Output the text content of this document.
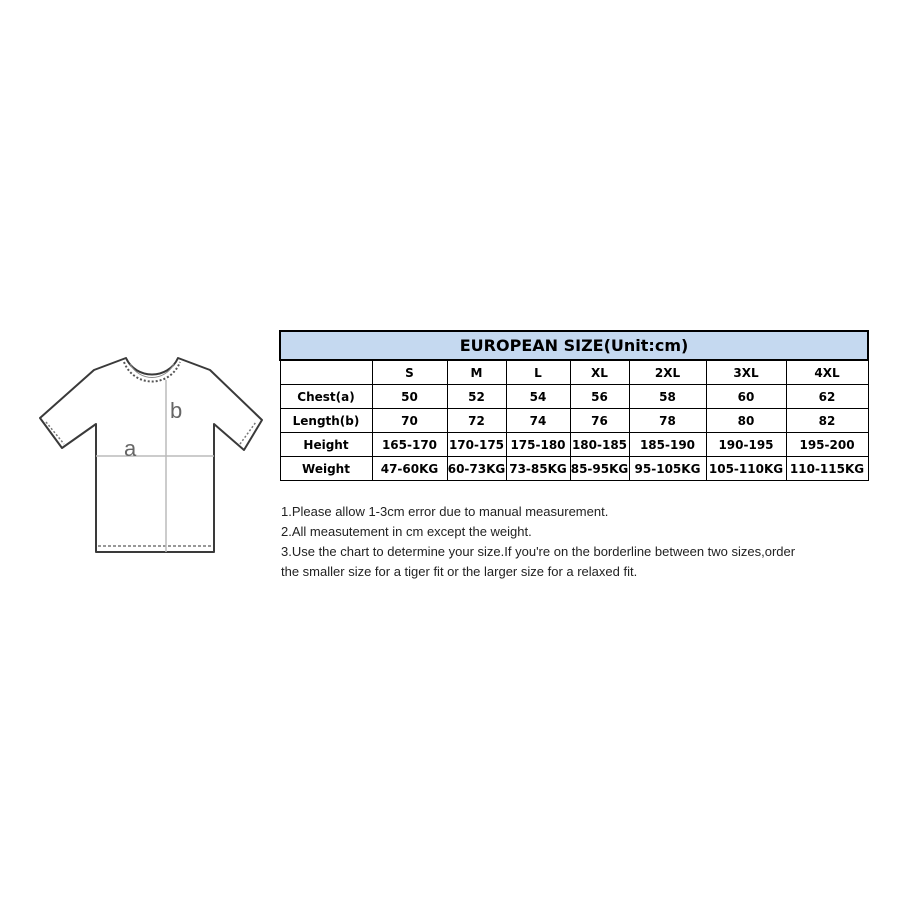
a
b
EUROPEAN SIZE(Unit:cm)							
	S	M	L	XL	2XL	3XL	4XL
Chest(a)	50	52	54	56	58	60	62
Length(b)	70	72	74	76	78	80	82
Height	165-170	170-175	175-180	180-185	185-190	190-195	195-200
Weight	47-60KG	60-73KG	73-85KG	85-95KG	95-105KG	105-110KG	110-115KG

1.Please allow 1-3cm error due to manual measurement.

2.All measutement in cm except the weight.

3.Use the chart to determine your size.If you're on the borderline between two sizes,order

the smaller size for a tiger fit or the larger size for a relaxed fit.
